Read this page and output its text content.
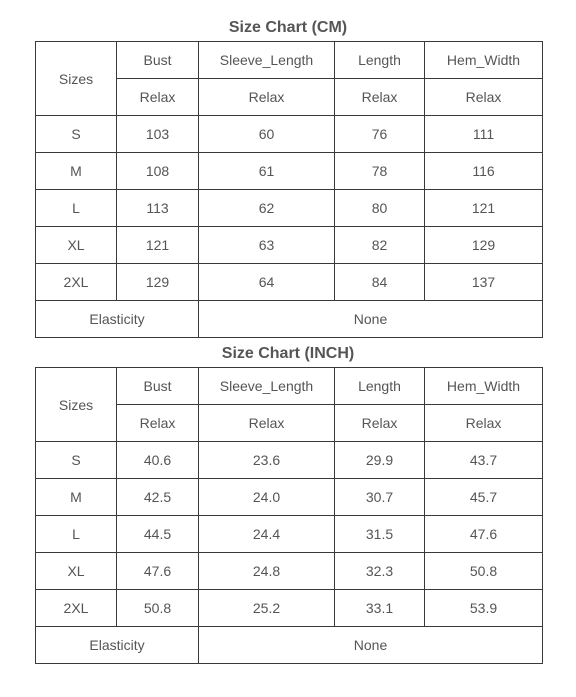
Size Chart (CM)
Sizes	Bust	Sleeve_Length	Length	Hem_Width
	Relax	Relax	Relax	Relax
S	103	60	76	111
M	108	61	78	116
L	113	62	80	121
XL	121	63	82	129
2XL	129	64	84	137
Elasticity		None		
Size Chart (INCH)
Sizes	Bust	Sleeve_Length	Length	Hem_Width
	Relax	Relax	Relax	Relax
S	40.6	23.6	29.9	43.7
M	42.5	24.0	30.7	45.7
L	44.5	24.4	31.5	47.6
XL	47.6	24.8	32.3	50.8
2XL	50.8	25.2	33.1	53.9
Elasticity		None		
